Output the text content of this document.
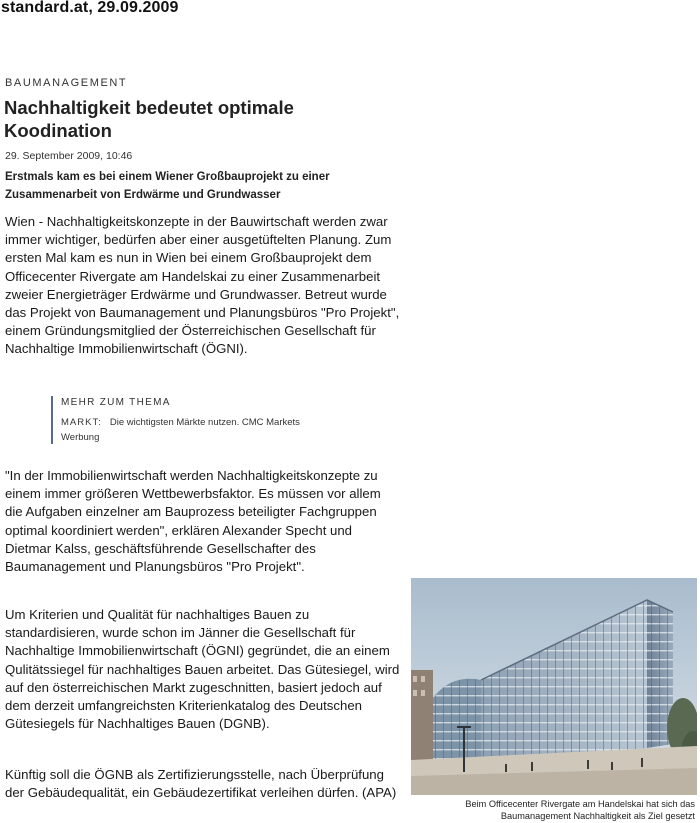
standard.at, 29.09.2009
BAUMANAGEMENT
Nachhaltigkeit bedeutet optimale Koodination
29. September 2009, 10:46
Erstmals kam es bei einem Wiener Großbauprojekt zu einer Zusammenarbeit von Erdwärme und Grundwasser

Wien - Nachhaltigkeitskonzepte in der Bauwirtschaft werden zwar immer wichtiger, bedürfen aber einer ausgetüftelten Planung. Zum ersten Mal kam es nun in Wien bei einem Großbauprojekt dem Officecenter Rivergate am Handelskai zu einer Zusammenarbeit zweier Energieträger Erdwärme und Grundwasser. Betreut wurde das Projekt von Baumanagement und Planungsbüros "Pro Projekt", einem Gründungsmitglied der Österreichischen Gesellschaft für Nachhaltige Immobilienwirtschaft (ÖGNI).

"In der Immobilienwirtschaft werden Nachhaltigkeitskonzepte zu einem immer größeren Wettbewerbsfaktor. Es müssen vor allem die Aufgaben einzelner am Bauprozess beteiligter Fachgruppen optimal koordiniert werden", erklären Alexander Specht und Dietmar Kalss, geschäftsführende Gesellschafter des Baumanagement und Planungsbüros "Pro Projekt".

Um Kriterien und Qualität für nachhaltiges Bauen zu standardisieren, wurde schon im Jänner die Gesellschaft für Nachhaltige Immobilienwirtschaft (ÖGNI) gegründet, die an einem Qulitätssiegel für nachhaltiges Bauen arbeitet. Das Gütesiegel, wird auf den österreichischen Markt zugeschnitten, basiert jedoch auf dem derzeit umfangreichsten Kriterienkatalog des Deutschen Gütesiegels für Nachhaltiges Bauen (DGNB).

Künftig soll die ÖGNB als Zertifizierungsstelle, nach Überprüfung der Gebäudequalität, ein Gebäudezertifikat verleihen dürfen. (APA)

MEHR ZUM THEMA
MARKT: Die wichtigsten Märkte nutzen. CMC Markets
Werbung
Beim Officecenter Rivergate am Handelskai hat sich das Baumanagement Nachhaltigkeit als Ziel gesetzt
